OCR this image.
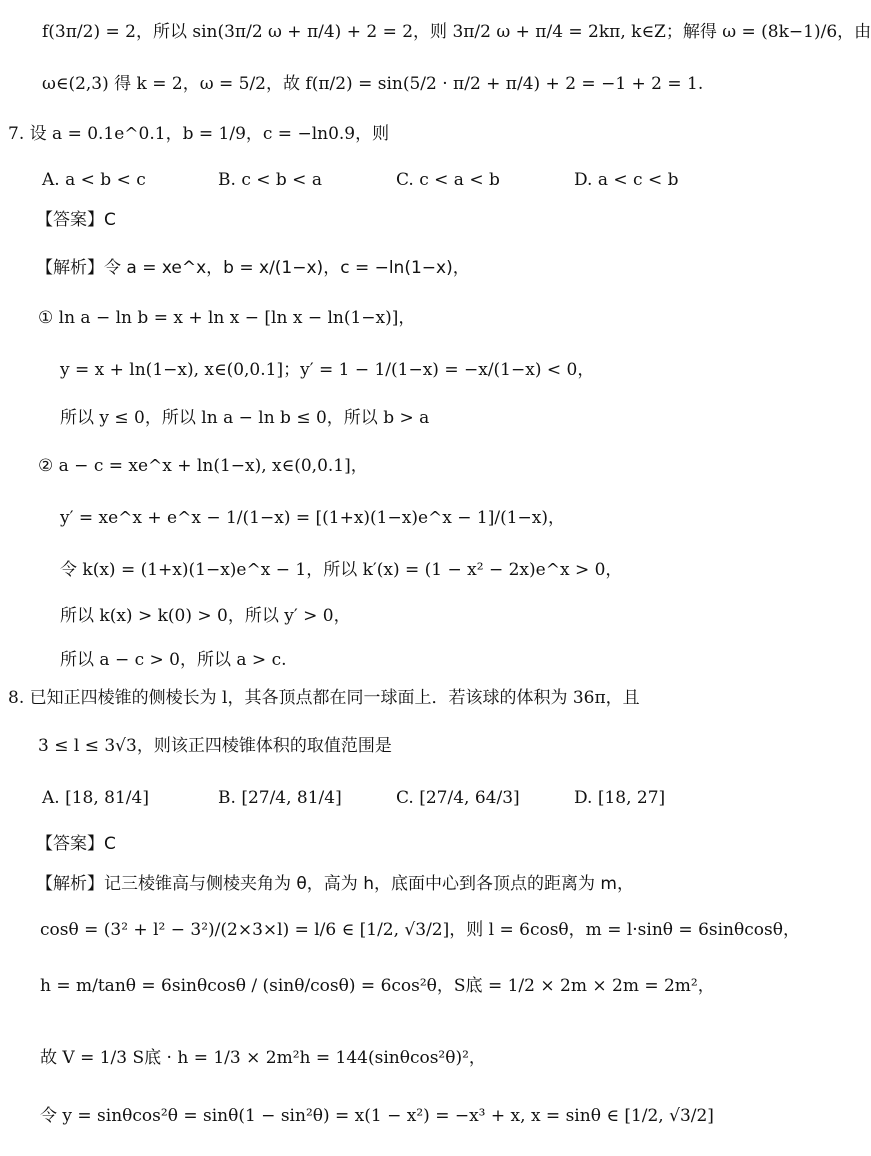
f(3π/2) = 2，所以 sin(3π/2 ω + π/4) + 2 = 2，则 3π/2 ω + π/4 = 2kπ, k∈Z；解得 ω = (8k−1)/6，由
ω∈(2,3) 得 k = 2，ω = 5/2，故 f(π/2) = sin(5/2 · π/2 + π/4) + 2 = −1 + 2 = 1.
7. 设 a = 0.1e^0.1，b = 1/9，c = −ln0.9，则
A. a < b < c	B. c < b < a	C. c < a < b	D. a < c < b
【答案】C
【解析】令 a = xe^x，b = x/(1−x)，c = −ln(1−x)，
① ln a − ln b = x + ln x − [ln x − ln(1−x)]，
y = x + ln(1−x), x∈(0,0.1]；y′ = 1 − 1/(1−x) = −x/(1−x) < 0，
所以 y ≤ 0，所以 ln a − ln b ≤ 0，所以 b > a
② a − c = xe^x + ln(1−x), x∈(0,0.1]，
y′ = xe^x + e^x − 1/(1−x) = [(1+x)(1−x)e^x − 1]/(1−x)，
令 k(x) = (1+x)(1−x)e^x − 1，所以 k′(x) = (1 − x² − 2x)e^x > 0，
所以 k(x) > k(0) > 0，所以 y′ > 0，
所以 a − c > 0，所以 a > c.
8. 已知正四棱锥的侧棱长为 l，其各顶点都在同一球面上．若该球的体积为 36π，且
3 ≤ l ≤ 3√3，则该正四棱锥体积的取值范围是
A. [18, 81/4]	B. [27/4, 81/4]	C. [27/4, 64/3]	D. [18, 27]
【答案】C
【解析】记三棱锥高与侧棱夹角为 θ，高为 h，底面中心到各顶点的距离为 m，
cosθ = (3² + l² − 3²)/(2×3×l) = l/6 ∈ [1/2, √3/2]，则 l = 6cosθ，m = l·sinθ = 6sinθcosθ，
h = m/tanθ = 6sinθcosθ / (sinθ/cosθ) = 6cos²θ，S底 = 1/2 × 2m × 2m = 2m²，
故 V = 1/3 S底 · h = 1/3 × 2m²h = 144(sinθcos²θ)²，
令 y = sinθcos²θ = sinθ(1 − sin²θ) = x(1 − x²) = −x³ + x, x = sinθ ∈ [1/2, √3/2]
